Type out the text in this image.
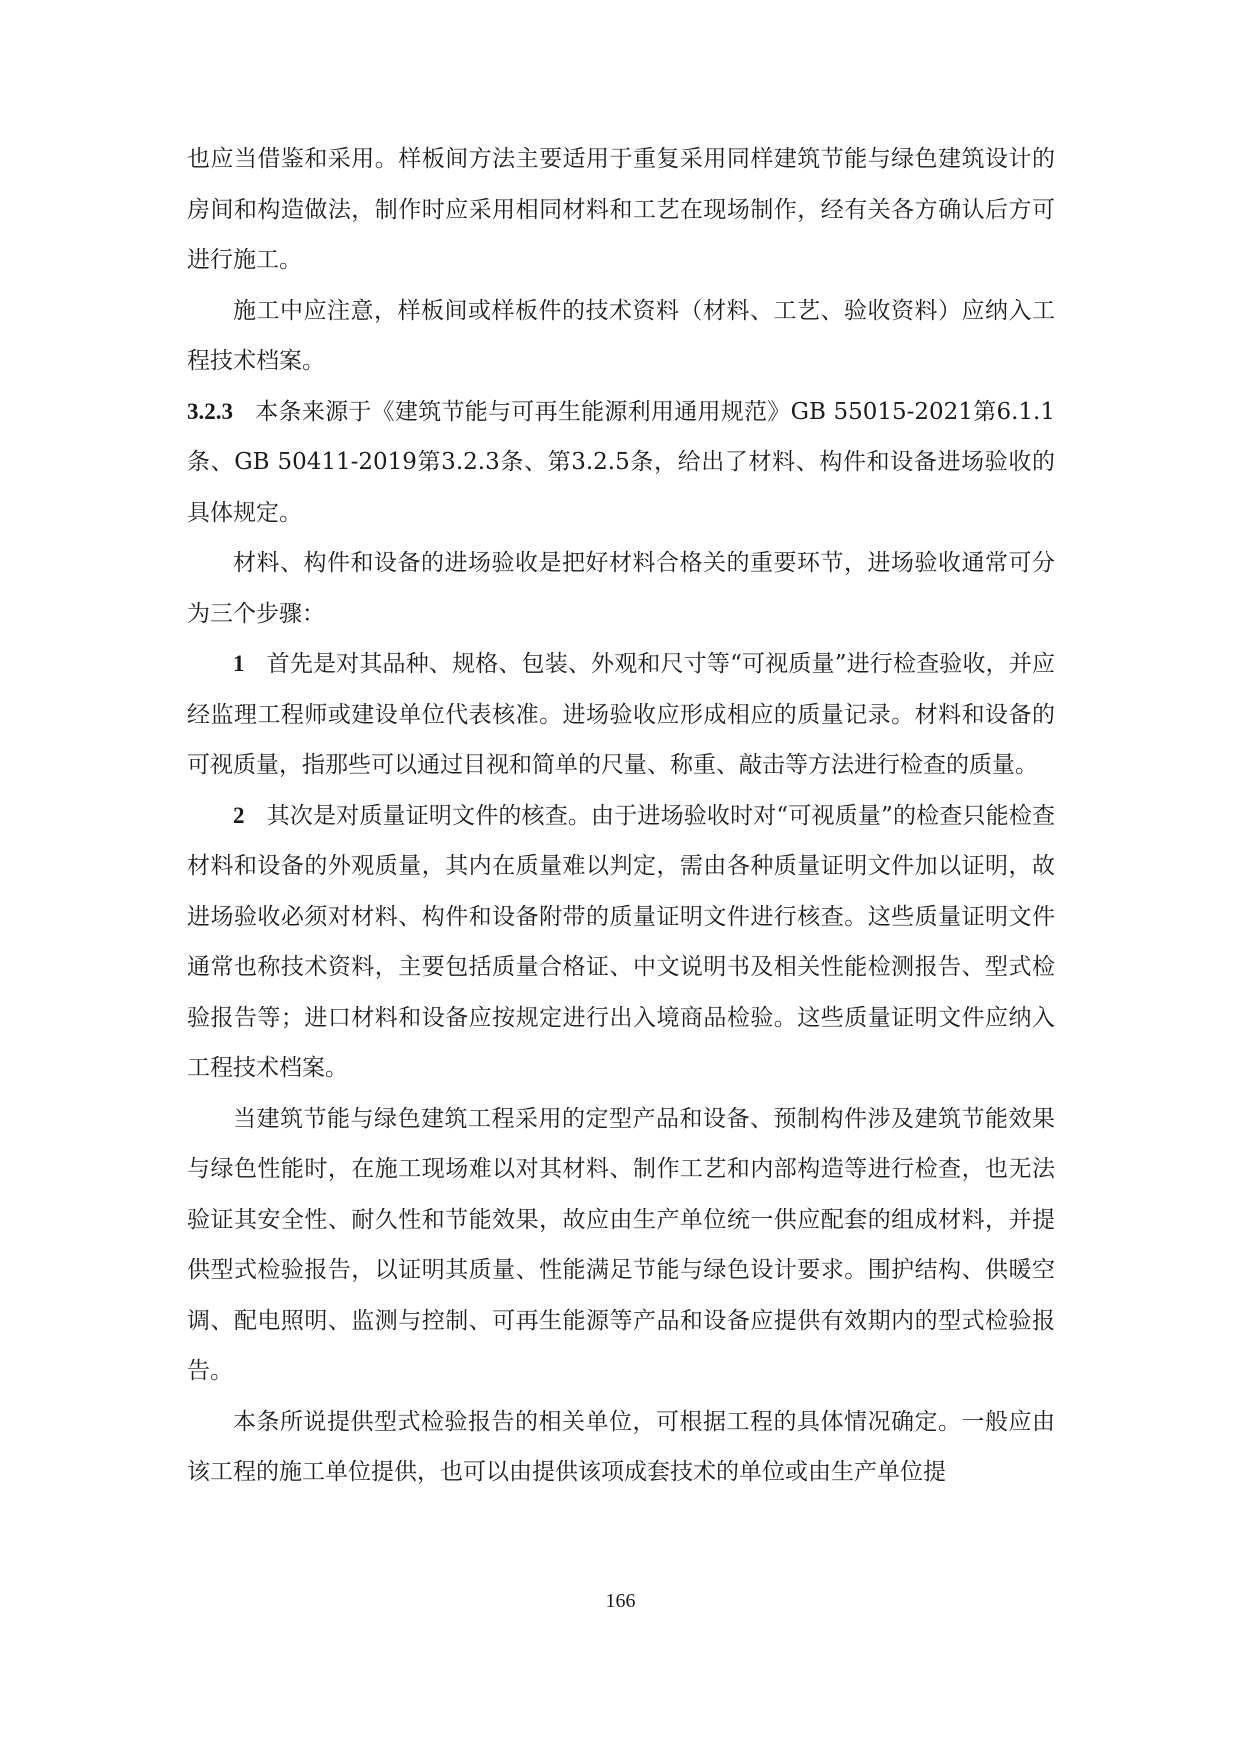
也应当借鉴和采用。样板间方法主要适用于重复采用同样建筑节能与绿色建筑设计的房间和构造做法，制作时应采用相同材料和工艺在现场制作，经有关各方确认后方可进行施工。

施工中应注意，样板间或样板件的技术资料（材料、工艺、验收资料）应纳入工程技术档案。

3.2.3 本条来源于《建筑节能与可再生能源利用通用规范》GB 55015-2021第6.1.1条、GB 50411-2019第3.2.3条、第3.2.5条，给出了材料、构件和设备进场验收的具体规定。

材料、构件和设备的进场验收是把好材料合格关的重要环节，进场验收通常可分为三个步骤：

1 首先是对其品种、规格、包装、外观和尺寸等“可视质量”进行检查验收，并应经监理工程师或建设单位代表核准。进场验收应形成相应的质量记录。材料和设备的可视质量，指那些可以通过目视和简单的尺量、称重、敲击等方法进行检查的质量。

2 其次是对质量证明文件的核查。由于进场验收时对“可视质量”的检查只能检查材料和设备的外观质量，其内在质量难以判定，需由各种质量证明文件加以证明，故进场验收必须对材料、构件和设备附带的质量证明文件进行核查。这些质量证明文件通常也称技术资料，主要包括质量合格证、中文说明书及相关性能检测报告、型式检验报告等；进口材料和设备应按规定进行出入境商品检验。这些质量证明文件应纳入工程技术档案。

当建筑节能与绿色建筑工程采用的定型产品和设备、预制构件涉及建筑节能效果与绿色性能时，在施工现场难以对其材料、制作工艺和内部构造等进行检查，也无法验证其安全性、耐久性和节能效果，故应由生产单位统一供应配套的组成材料，并提供型式检验报告，以证明其质量、性能满足节能与绿色设计要求。围护结构、供暖空调、配电照明、监测与控制、可再生能源等产品和设备应提供有效期内的型式检验报告。

本条所说提供型式检验报告的相关单位，可根据工程的具体情况确定。一般应由该工程的施工单位提供，也可以由提供该项成套技术的单位或由生产单位提

166
